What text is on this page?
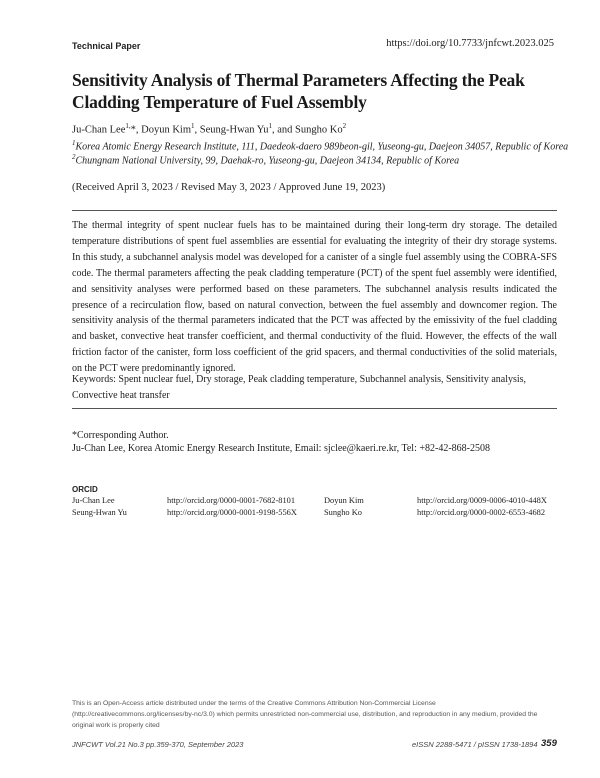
Technical Paper	https://doi.org/10.7733/jnfcwt.2023.025
Sensitivity Analysis of Thermal Parameters Affecting the Peak Cladding Temperature of Fuel Assembly
Ju-Chan Lee$^{1,}$*, Doyun Kim$^1$, Seung-Hwan Yu$^1$, and Sungho Ko$^2$
$^1$Korea Atomic Energy Research Institute, 111, Daedeok-daero 989beon-gil, Yuseong-gu, Daejeon 34057, Republic of Korea
$^2$Chungnam National University, 99, Daehak-ro, Yuseong-gu, Daejeon 34134, Republic of Korea
(Received April 3, 2023 / Revised May 3, 2023 / Approved June 19, 2023)

The thermal integrity of spent nuclear fuels has to be maintained during their long-term dry storage. The detailed temperature distributions of spent fuel assemblies are essential for evaluating the integrity of their dry storage systems. In this study, a subchannel analysis model was developed for a canister of a single fuel assembly using the COBRA-SFS code. The thermal parameters affecting the peak cladding temperature (PCT) of the spent fuel assembly were identified, and sensitivity analyses were performed based on these parameters. The subchannel analysis results indicated the presence of a recirculation flow, based on natural convection, between the fuel assembly and downcomer region. The sensitivity analysis of the thermal parameters indicated that the PCT was affected by the emissivity of the fuel cladding and basket, convective heat transfer coefficient, and thermal conductivity of the fluid. However, the effects of the wall friction factor of the canister, form loss coefficient of the grid spacers, and thermal conductivities of the solid materials, on the PCT were predominantly ignored.

Keywords: Spent nuclear fuel, Dry storage, Peak cladding temperature, Subchannel analysis, Sensitivity analysis, Convective heat transfer

*Corresponding Author.
Ju-Chan Lee, Korea Atomic Energy Research Institute, Email: sjclee@kaeri.re.kr, Tel: +82-42-868-2508
ORCID
Ju-Chan Lee	http://orcid.org/0000-0001-7682-8101	Doyun Kim	http://orcid.org/0009-0006-4010-448X
Seung-Hwan Yu	http://orcid.org/0000-0001-9198-556X	Sungho Ko	http://orcid.org/0000-0002-6553-4682
This is an Open-Access article distributed under the terms of the Creative Commons Attribution Non-Commercial License (http://creativecommons.org/licenses/by-nc/3.0) which permits unrestricted non-commercial use, distribution, and reproduction in any medium, provided the original work is properly cited
JNFCWT Vol.21 No.3 pp.359-370, September 2023	eISSN 2288-5471 / pISSN 1738-1894 359
